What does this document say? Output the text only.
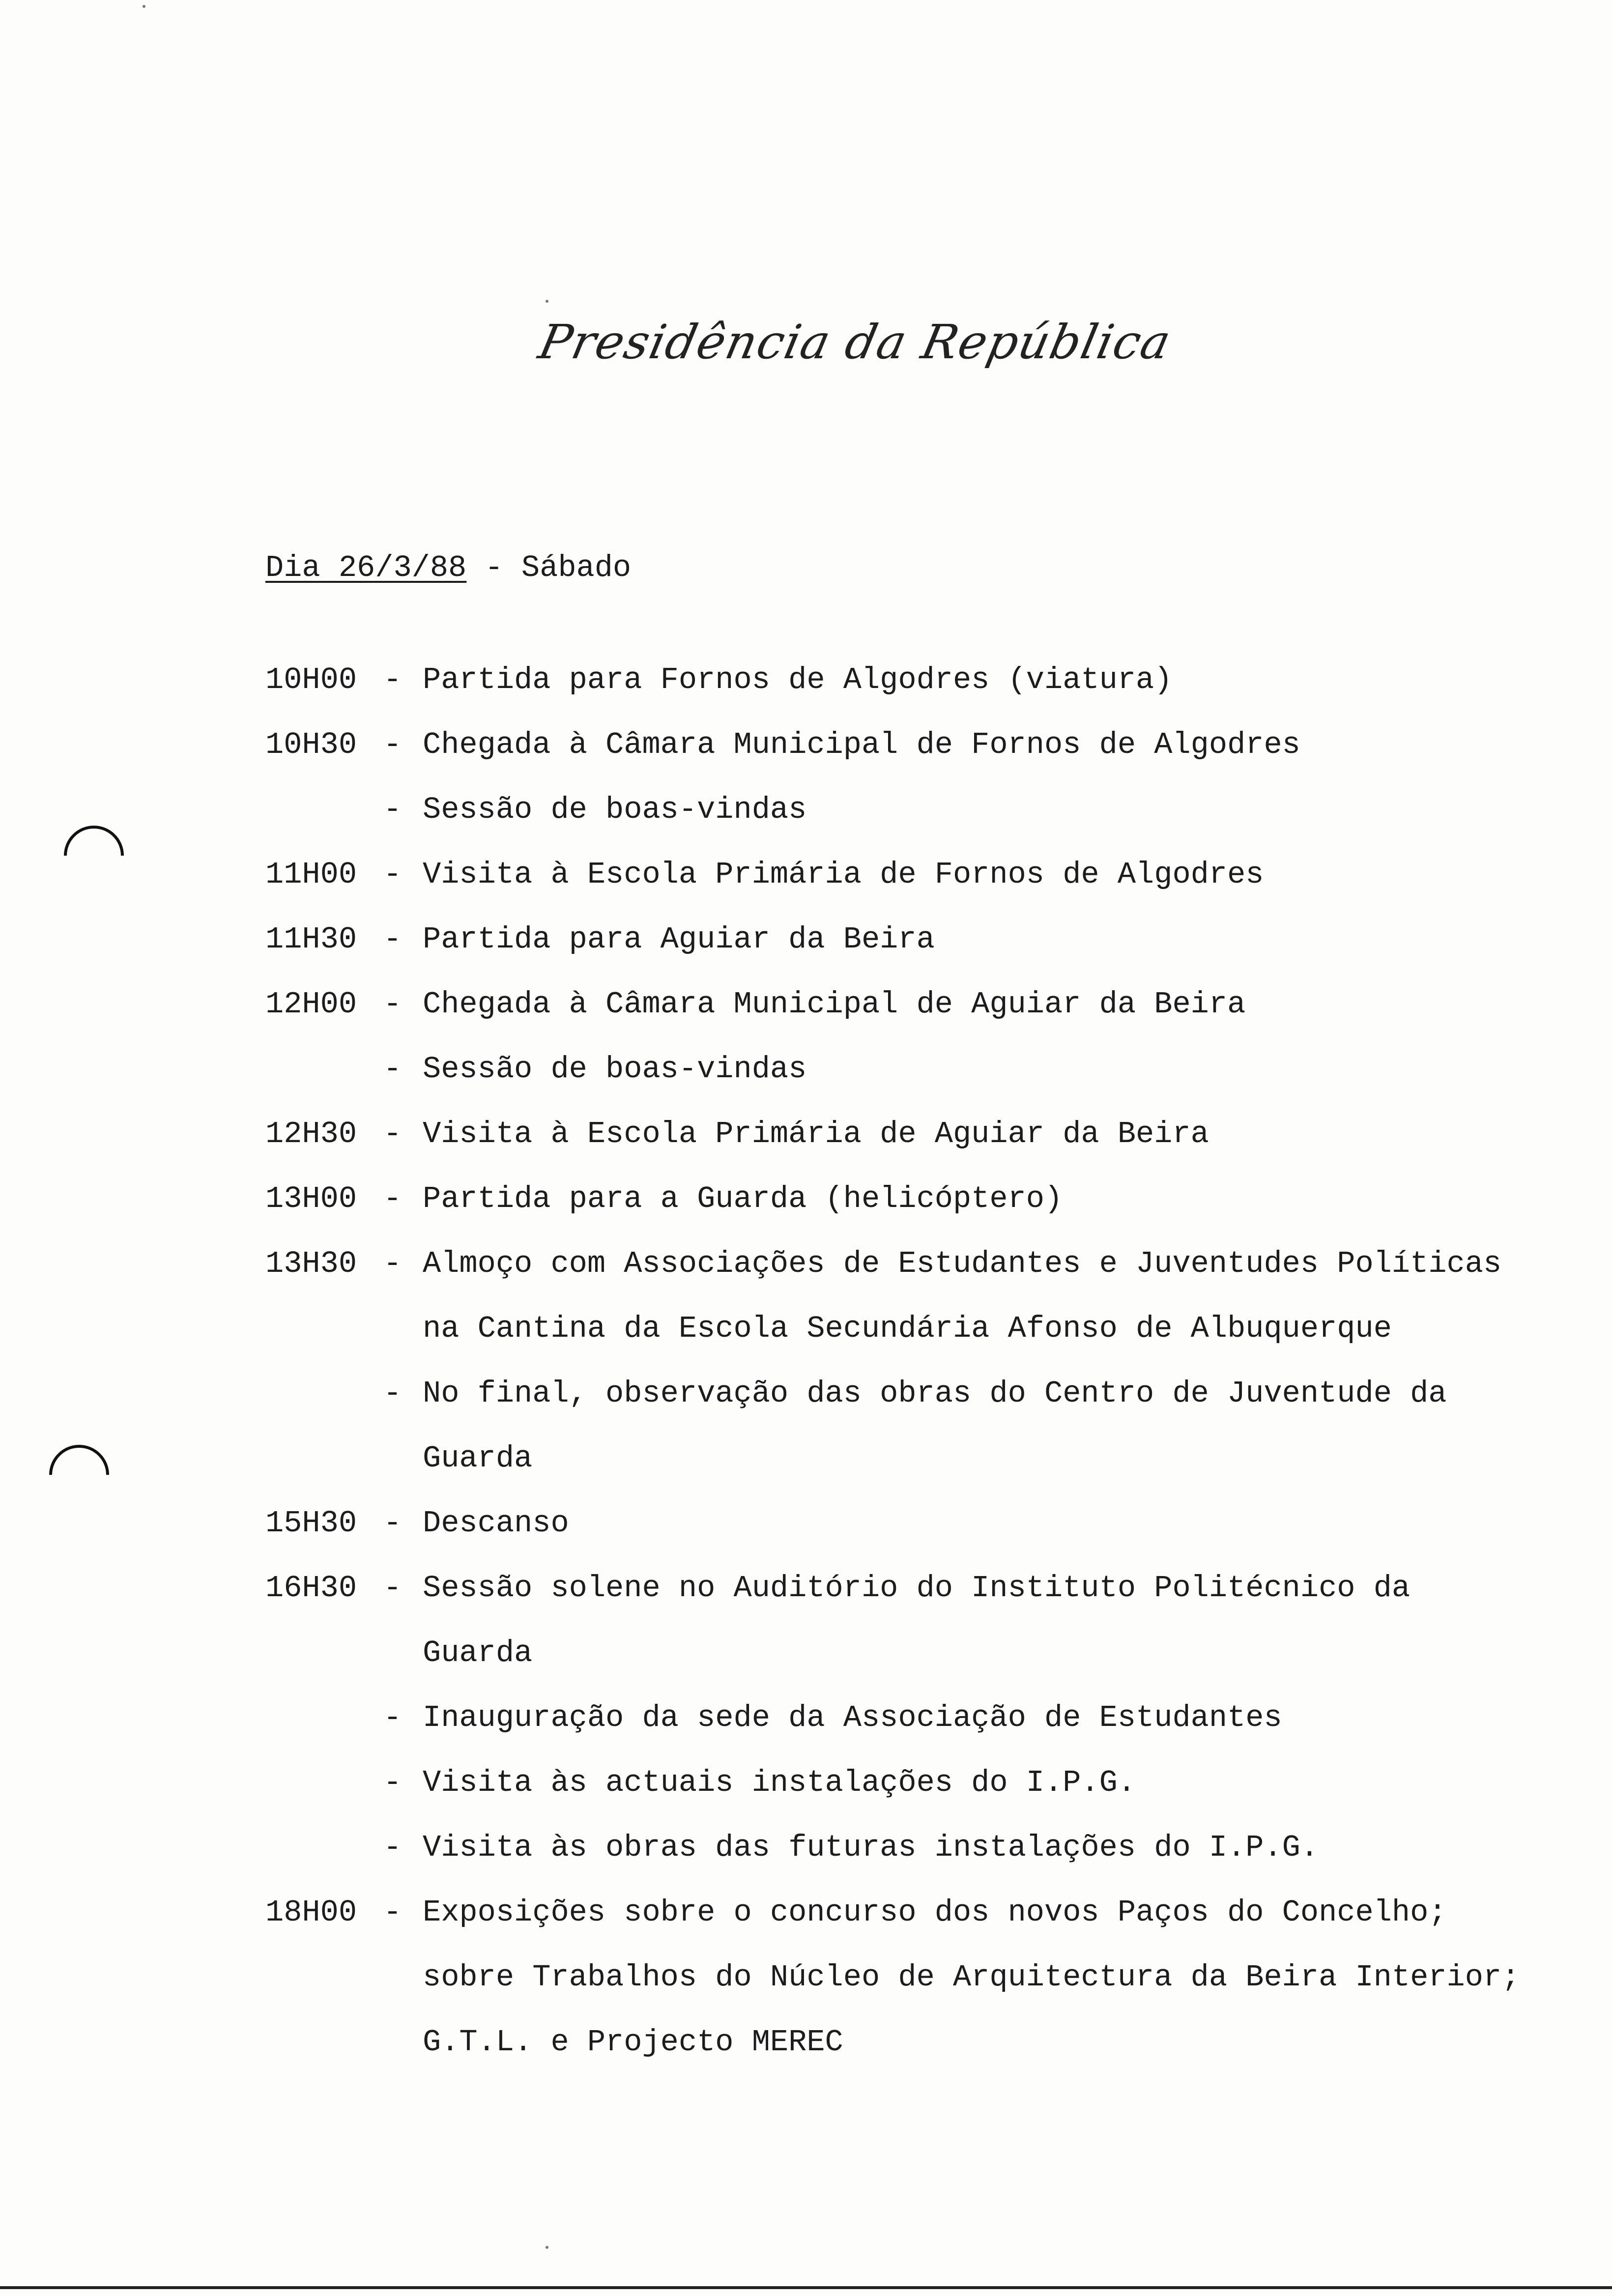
Presidência da República
Dia 26/3/88 - Sábado
10H00 - Partida para Fornos de Algodres (viatura)
10H30 - Chegada à Câmara Municipal de Fornos de Algodres
- Sessão de boas-vindas
11H00 - Visita à Escola Primária de Fornos de Algodres
11H30 - Partida para Aguiar da Beira
12H00 - Chegada à Câmara Municipal de Aguiar da Beira
- Sessão de boas-vindas
12H30 - Visita à Escola Primária de Aguiar da Beira
13H00 - Partida para a Guarda (helicóptero)
13H30 - Almoço com Associações de Estudantes e Juventudes Políticas
na Cantina da Escola Secundária Afonso de Albuquerque
- No final, observação das obras do Centro de Juventude da
Guarda
15H30 - Descanso
16H30 - Sessão solene no Auditório do Instituto Politécnico da
Guarda
- Inauguração da sede da Associação de Estudantes
- Visita às actuais instalações do I.P.G.
- Visita às obras das futuras instalações do I.P.G.
18H00 - Exposições sobre o concurso dos novos Paços do Concelho;
sobre Trabalhos do Núcleo de Arquitectura da Beira Interior;
G.T.L. e Projecto MEREC
